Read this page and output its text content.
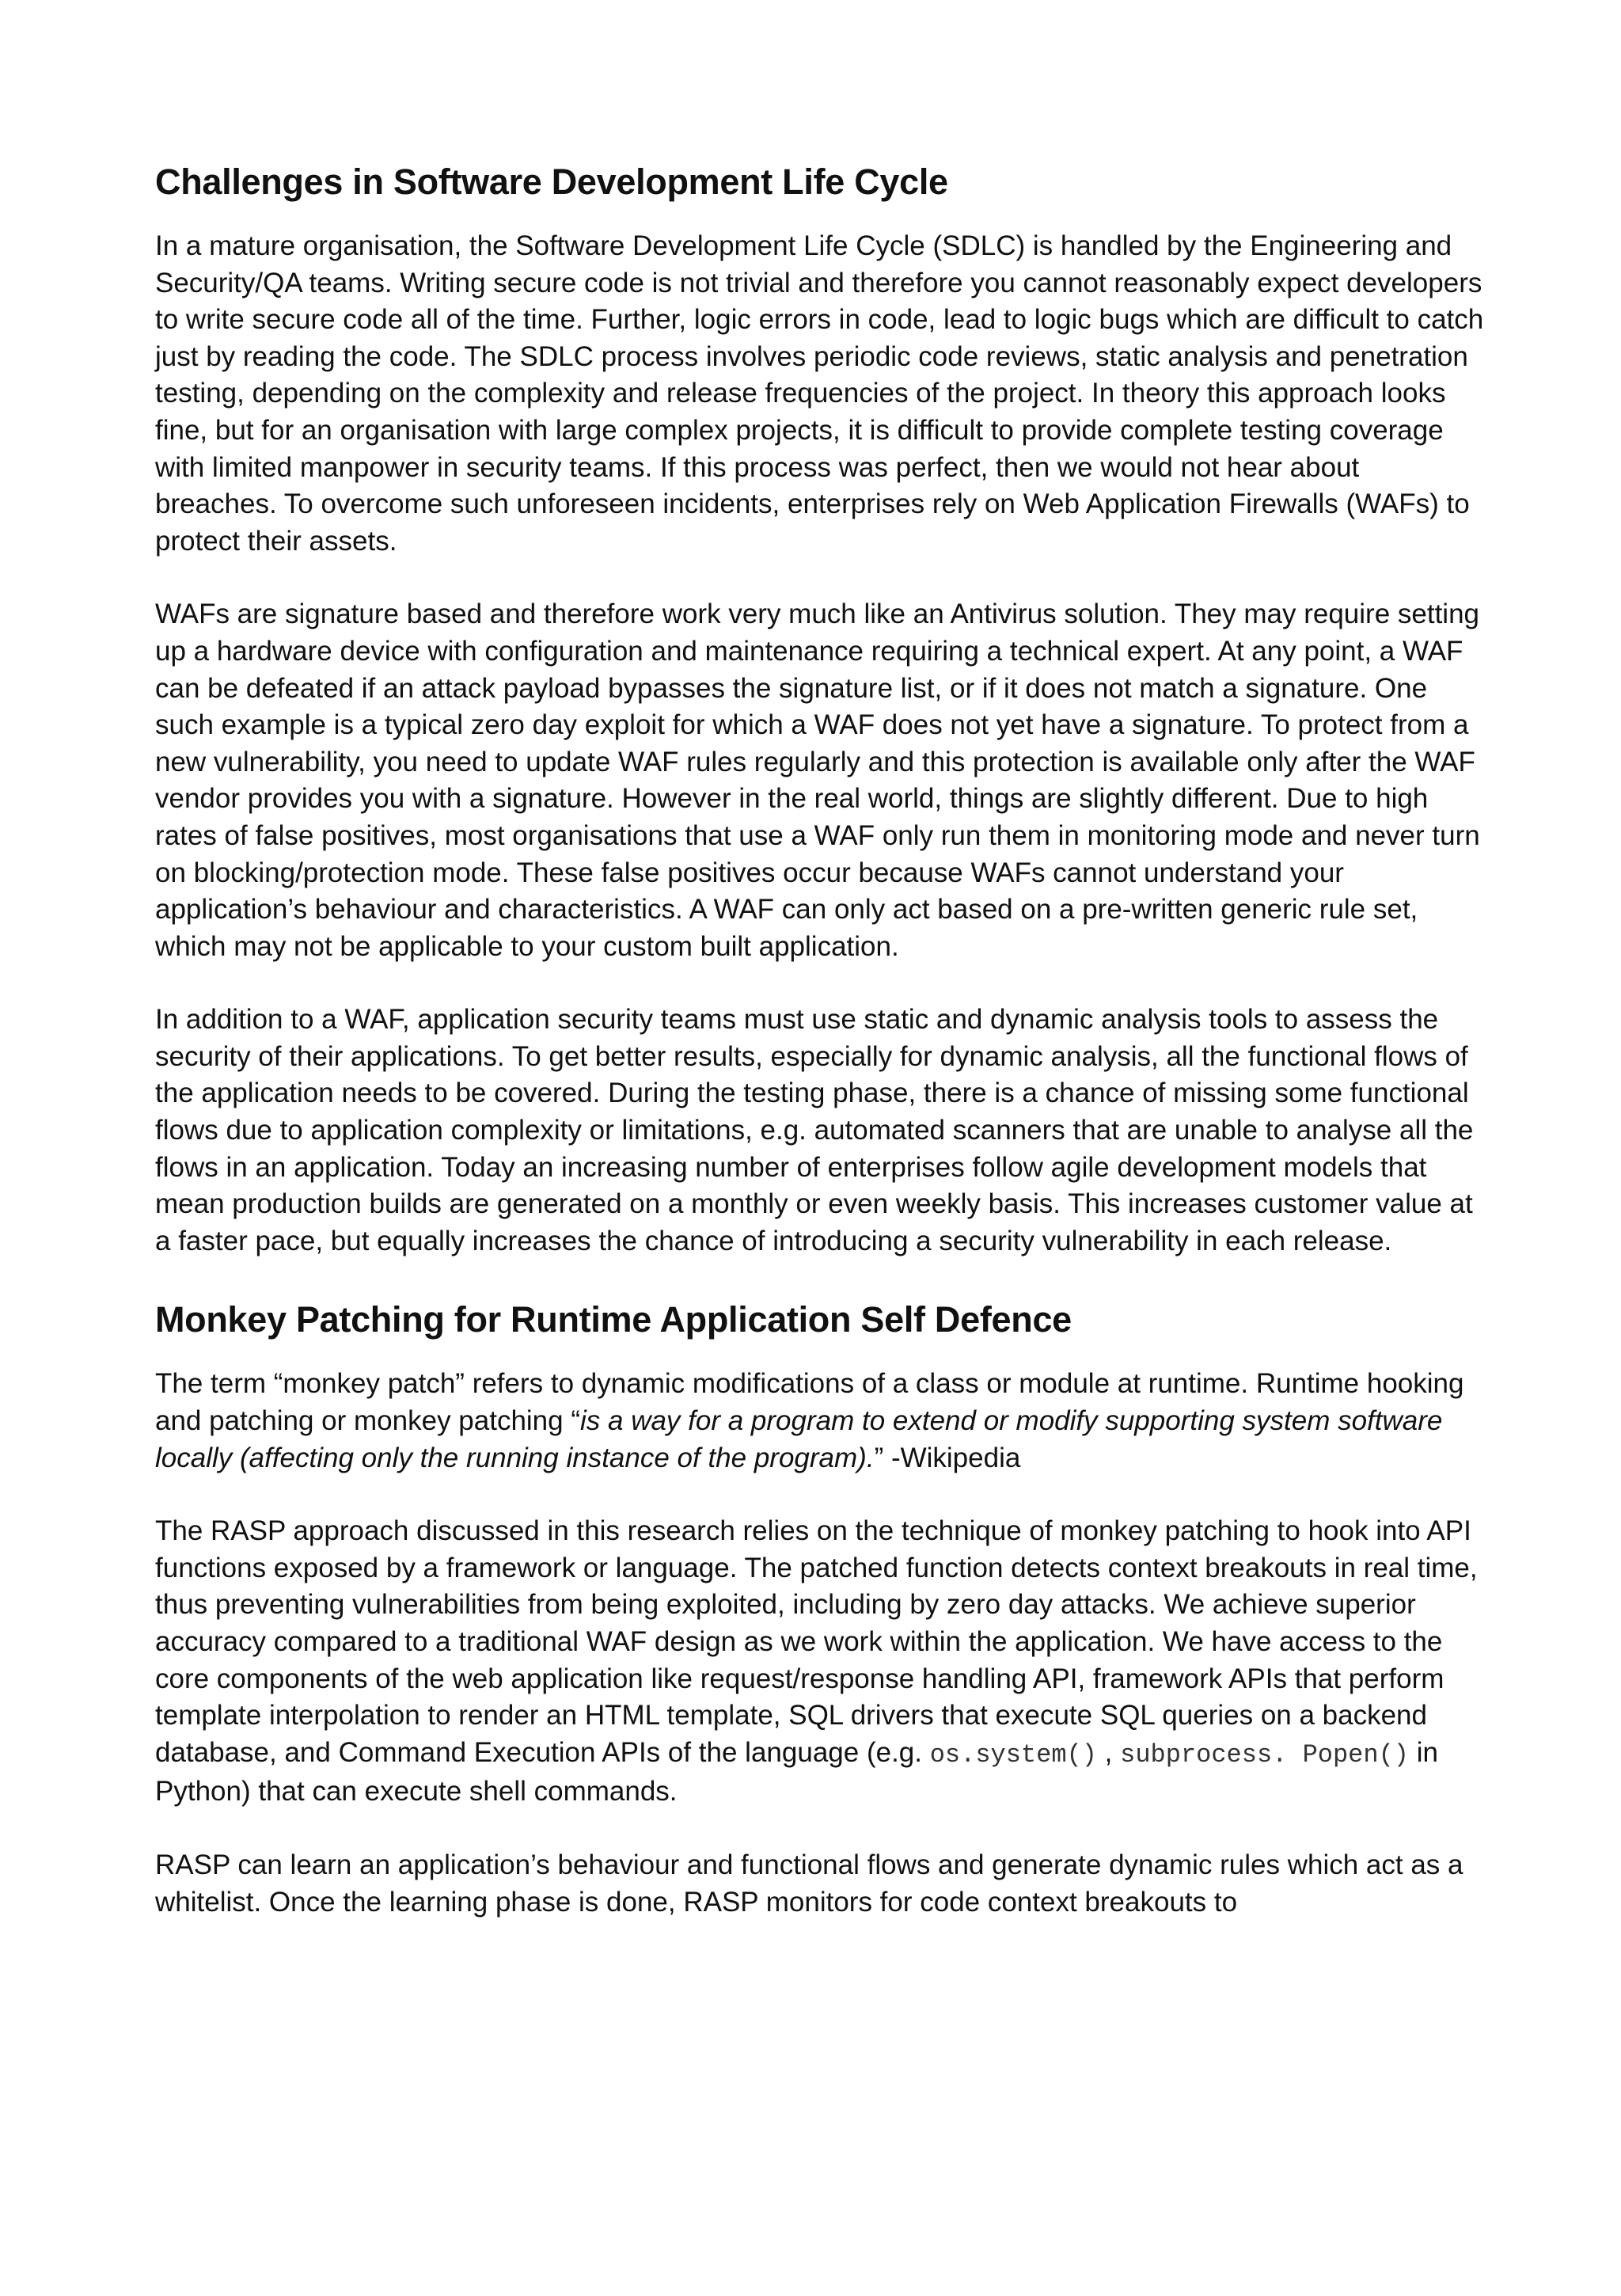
Challenges in Software Development Life Cycle

In a mature organisation, the Software Development Life Cycle (SDLC) is handled by the Engineering and Security/QA teams. Writing secure code is not trivial and therefore you cannot reasonably expect developers to write secure code all of the time. Further, logic errors in code, lead to logic bugs which are difficult to catch just by reading the code. The SDLC process involves periodic code reviews, static analysis and penetration testing, depending on the complexity and release frequencies of the project. In theory this approach looks fine, but for an organisation with large complex projects, it is difficult to provide complete testing coverage with limited manpower in security teams. If this process was perfect, then we would not hear about breaches. To overcome such unforeseen incidents, enterprises rely on Web Application Firewalls (WAFs) to protect their assets.

WAFs are signature based and therefore work very much like an Antivirus solution. They may require setting up a hardware device with configuration and maintenance requiring a technical expert. At any point, a WAF can be defeated if an attack payload bypasses the signature list, or if it does not match a signature. One such example is a typical zero day exploit for which a WAF does not yet have a signature. To protect from a new vulnerability, you need to update WAF rules regularly and this protection is available only after the WAF vendor provides you with a signature. However in the real world, things are slightly different. Due to high rates of false positives, most organisations that use a WAF only run them in monitoring mode and never turn on blocking/protection mode. These false positives occur because WAFs cannot understand your application’s behaviour and characteristics. A WAF can only act based on a pre-written generic rule set, which may not be applicable to your custom built application.

In addition to a WAF, application security teams must use static and dynamic analysis tools to assess the security of their applications. To get better results, especially for dynamic analysis, all the functional flows of the application needs to be covered. During the testing phase, there is a chance of missing some functional flows due to application complexity or limitations, e.g. automated scanners that are unable to analyse all the flows in an application. Today an increasing number of enterprises follow agile development models that mean production builds are generated on a monthly or even weekly basis. This increases customer value at a faster pace, but equally increases the chance of introducing a security vulnerability in each release.

Monkey Patching for Runtime Application Self Defence

The term “monkey patch” refers to dynamic modifications of a class or module at runtime. Runtime hooking and patching or monkey patching “is a way for a program to extend or modify supporting system software locally (affecting only the running instance of the program).” -Wikipedia

The RASP approach discussed in this research relies on the technique of monkey patching to hook into API functions exposed by a framework or language. The patched function detects context breakouts in real time, thus preventing vulnerabilities from being exploited, including by zero day attacks. We achieve superior accuracy compared to a traditional WAF design as we work within the application. We have access to the core components of the web application like request/response handling API, framework APIs that perform template interpolation to render an HTML template, SQL drivers that execute SQL queries on a backend database, and Command Execution APIs of the language (e.g. os.system() , subprocess. Popen() in Python) that can execute shell commands.

RASP can learn an application’s behaviour and functional flows and generate dynamic rules which act as a whitelist. Once the learning phase is done, RASP monitors for code context breakouts to
